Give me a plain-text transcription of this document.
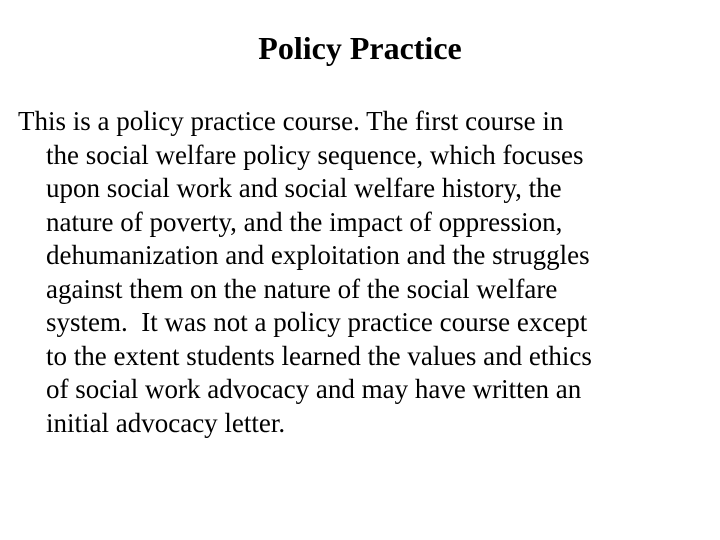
Policy Practice
This is a policy practice course. The first course in
the social welfare policy sequence, which focuses
upon social work and social welfare history, the
nature of poverty, and the impact of oppression,
dehumanization and exploitation and the struggles
against them on the nature of the social welfare
system.  It was not a policy practice course except
to the extent students learned the values and ethics
of social work advocacy and may have written an
initial advocacy letter.
